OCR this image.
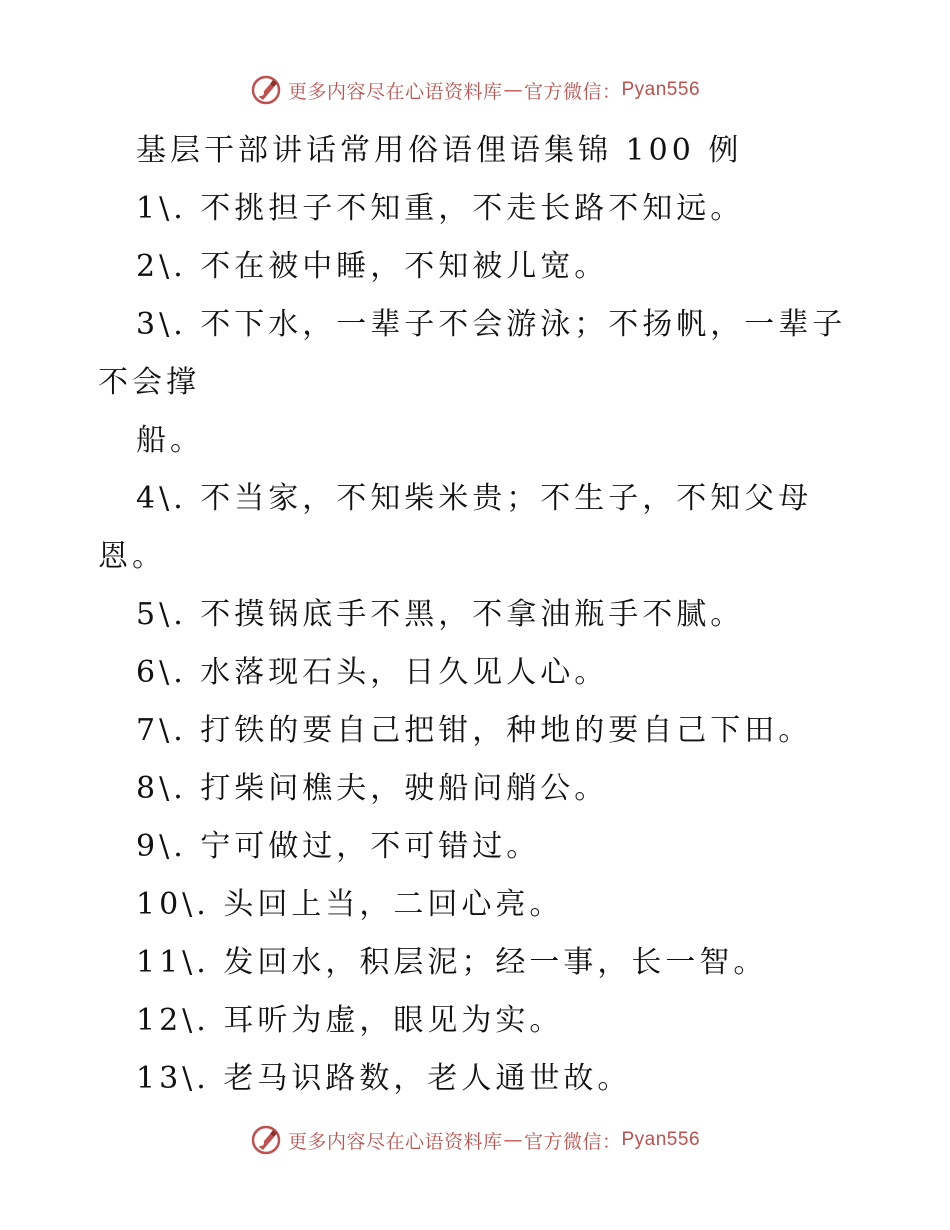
更多内容尽在心语资料库 — 官方微信： Pyan556
基层干部讲话常用俗语俚语集锦 100 例
1\. 不挑担子不知重，不走长路不知远。
2\. 不在被中睡，不知被儿宽。
3\. 不下水，一辈子不会游泳；不扬帆，一辈子
不会撑
船。
4\. 不当家，不知柴米贵；不生子，不知父母
恩。
5\. 不摸锅底手不黑，不拿油瓶手不腻。
6\. 水落现石头，日久见人心。
7\. 打铁的要自己把钳，种地的要自己下田。
8\. 打柴问樵夫，驶船问艄公。
9\. 宁可做过，不可错过。
10\. 头回上当，二回心亮。
11\. 发回水，积层泥；经一事，长一智。
12\. 耳听为虚，眼见为实。
13\. 老马识路数，老人通世故。
更多内容尽在心语资料库 — 官方微信： Pyan556
